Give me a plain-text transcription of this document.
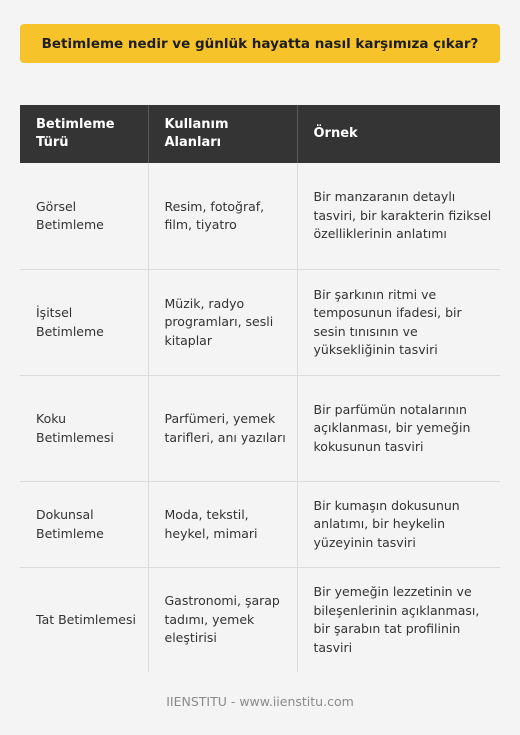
Betimleme nedir ve günlük hayatta nasıl karşımıza çıkar?
Betimleme Türü	Kullanım Alanları	Örnek
Görsel Betimleme	Resim, fotoğraf, film, tiyatro	Bir manzaranın detaylı tasviri, bir karakterin fiziksel özelliklerinin anlatımı
İşitsel Betimleme	Müzik, radyo programları, sesli kitaplar	Bir şarkının ritmi ve temposunun ifadesi, bir sesin tınısının ve yüksekliğinin tasviri
Koku Betimlemesi	Parfümeri, yemek tarifleri, anı yazıları	Bir parfümün notalarının açıklanması, bir yemeğin kokusunun tasviri
Dokunsal Betimleme	Moda, tekstil, heykel, mimari	Bir kumaşın dokusunun anlatımı, bir heykelin yüzeyinin tasviri
Tat Betimlemesi	Gastronomi, şarap tadımı, yemek eleştirisi	Bir yemeğin lezzetinin ve bileşenlerinin açıklanması, bir şarabın tat profilinin tasviri
IIENSTITU - www.iienstitu.com
